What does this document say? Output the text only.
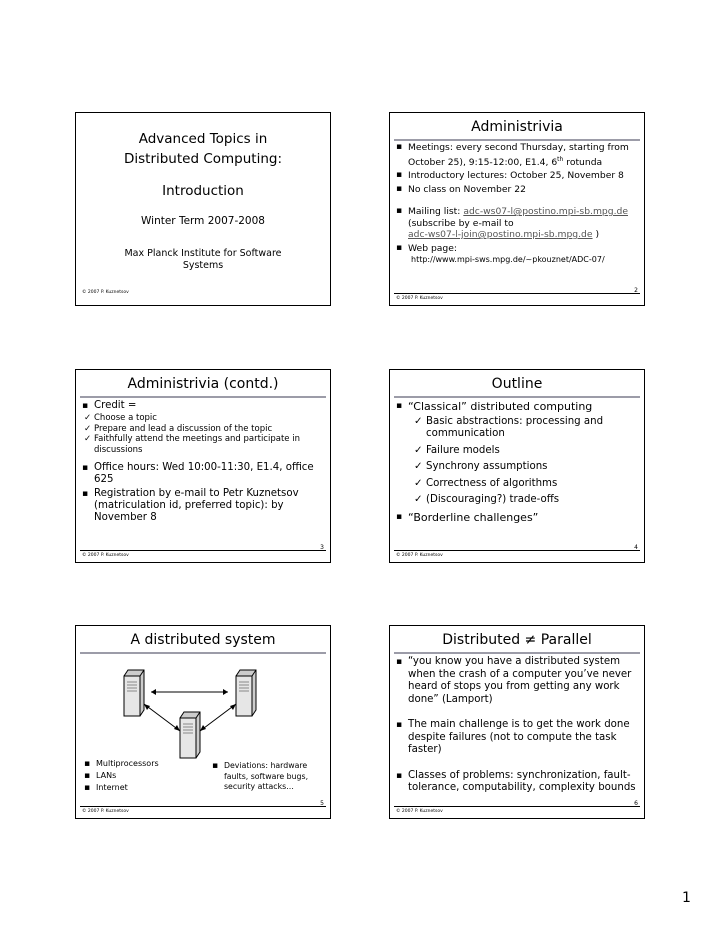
Advanced Topics in
Distributed Computing:
Introduction
Winter Term 2007-2008
Max Planck Institute for Software
Systems
© 2007 P. Kuznetsov
Administrivia
▪ Meetings: every second Thursday, starting from
October 25), 9:15-12:00, E1.4, 6th rotunda
▪ Introductory lectures: October 25, November 8
▪ No class on November 22
▪ Mailing list: adc-ws07-l@postino.mpi-sb.mpg.de
(subscribe by e-mail to
adc-ws07-l-join@postino.mpi-sb.mpg.de )
▪ Web page:
http://www.mpi-sws.mpg.de/~pkouznet/ADC-07/
© 2007 P. Kuznetsov
2
Administrivia (contd.)
▪ Credit =
✓ Choose a topic
✓ Prepare and lead a discussion of the topic
✓ Faithfully attend the meetings and participate in discussions
▪ Office hours: Wed 10:00-11:30, E1.4, office 625
▪ Registration by e-mail to Petr Kuznetsov (matriculation id, preferred topic): by November 8
© 2007 P. Kuznetsov
3
Outline
▪ “Classical” distributed computing
✓ Basic abstractions: processing and communication
✓ Failure models
✓ Synchrony assumptions
✓ Correctness of algorithms
✓ (Discouraging?) trade-offs
▪ “Borderline challenges”
© 2007 P. Kuznetsov
4
A distributed system
▪ Multiprocessors
▪ LANs
▪ Internet
▪ Deviations: hardware faults, software bugs, security attacks…
© 2007 P. Kuznetsov
5
Distributed ≠ Parallel
▪ “you know you have a distributed system when the crash of a computer you’ve never heard of stops you from getting any work done” (Lamport)
▪ The main challenge is to get the work done despite failures (not to compute the task faster)
▪ Classes of problems: synchronization, fault-tolerance, computability, complexity bounds
© 2007 P. Kuznetsov
6
1
